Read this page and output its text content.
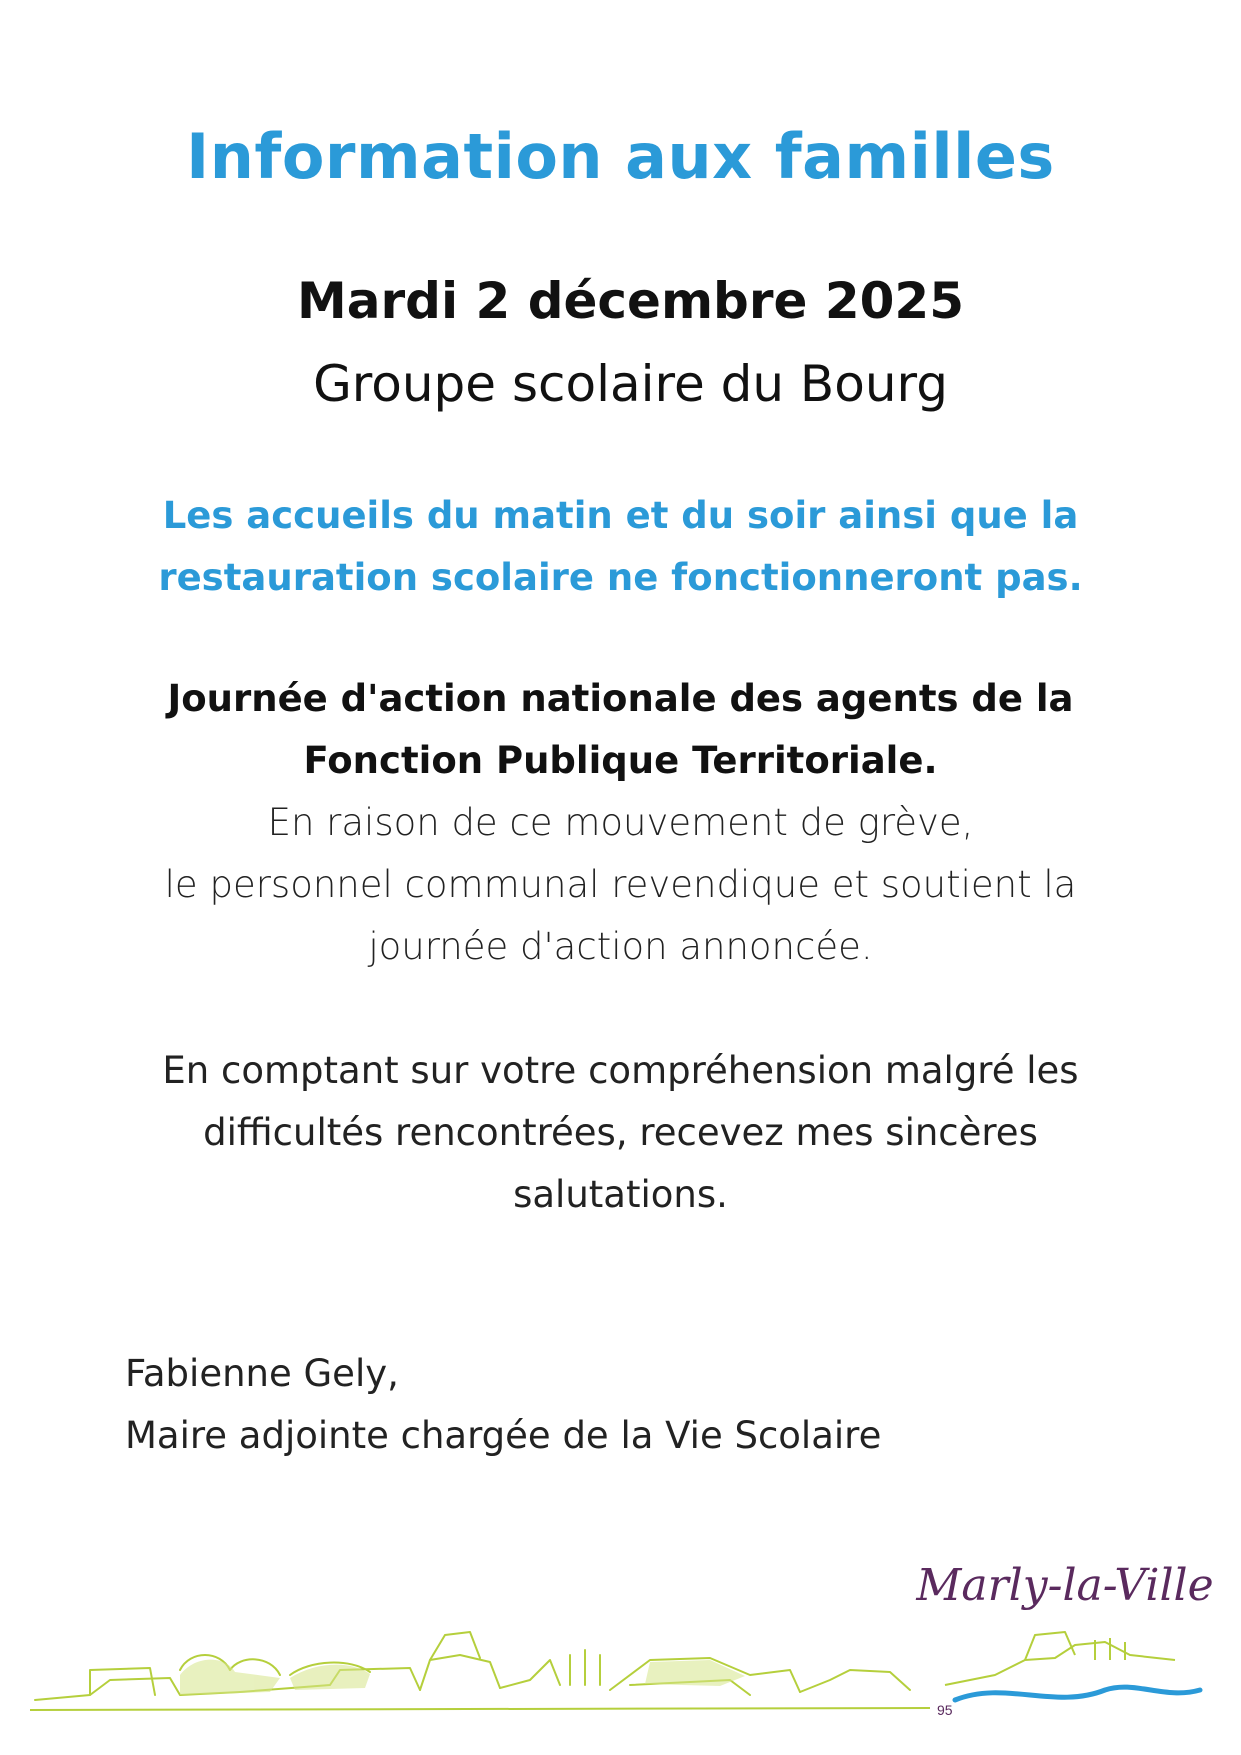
Information aux familles
Mardi 2 décembre 2025
Groupe scolaire du Bourg
Les accueils du matin et du soir ainsi que la
restauration scolaire ne fonctionneront pas.
Journée d'action nationale des agents de la
Fonction Publique Territoriale.
En raison de ce mouvement de grève,
le personnel communal revendique et soutient la
journée d'action annoncée.
En comptant sur votre compréhension malgré les
difficultés rencontrées, recevez mes sincères
salutations.
Fabienne Gely,
Maire adjointe chargée de la Vie Scolaire
Marly-la-Ville
95
